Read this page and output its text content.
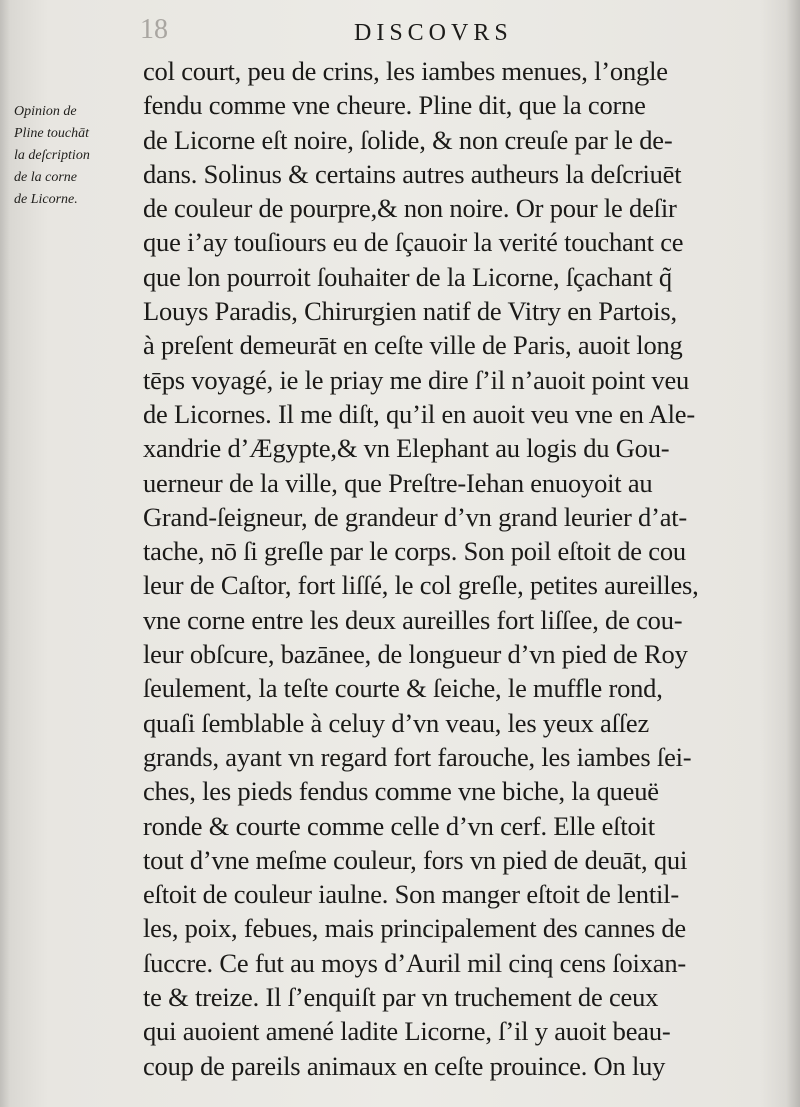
18	DISCOVRS
Opinion de
Pline touchāt
la deſcription
de la corne
de Licorne.
col court, peu de crins, les iambes menues, l’ongle
fendu comme vne cheure. Pline dit, que la corne
de Licorne eſt noire, ſolide, & non creuſe par le de-
dans. Solinus & certains autres autheurs la deſcriuēt
de couleur de pourpre,& non noire. Or pour le deſir
que i’ay touſiours eu de ſçauoir la verité touchant ce
que lon pourroit ſouhaiter de la Licorne, ſçachant q̃
Louys Paradis, Chirurgien natif de Vitry en Partois,
à preſent demeurāt en ceſte ville de Paris, auoit long
tēps voyagé, ie le priay me dire ſ’il n’auoit point veu
de Licornes. Il me diſt, qu’il en auoit veu vne en Ale-
xandrie d’Ægypte,& vn Elephant au logis du Gou-
uerneur de la ville, que Preſtre-Iehan enuoyoit au
Grand-ſeigneur, de grandeur d’vn grand leurier d’at-
tache, nō ſi greſle par le corps. Son poil eſtoit de cou
leur de Caſtor, fort liſſé, le col greſle, petites aureilles,
vne corne entre les deux aureilles fort liſſee, de cou-
leur obſcure, bazānee, de longueur d’vn pied de Roy
ſeulement, la teſte courte & ſeiche, le muffle rond,
quaſi ſemblable à celuy d’vn veau, les yeux aſſez
grands, ayant vn regard fort farouche, les iambes ſei-
ches, les pieds fendus comme vne biche, la queuë
ronde & courte comme celle d’vn cerf. Elle eſtoit
tout d’vne meſme couleur, fors vn pied de deuāt, qui
eſtoit de couleur iaulne. Son manger eſtoit de lentil-
les, poix, febues, mais principalement des cannes de
ſuccre. Ce fut au moys d’Auril mil cinq cens ſoixan-
te & treize. Il ſ’enquiſt par vn truchement de ceux
qui auoient amené ladite Licorne, ſ’il y auoit beau-
coup de pareils animaux en ceſte prouince. On luy
